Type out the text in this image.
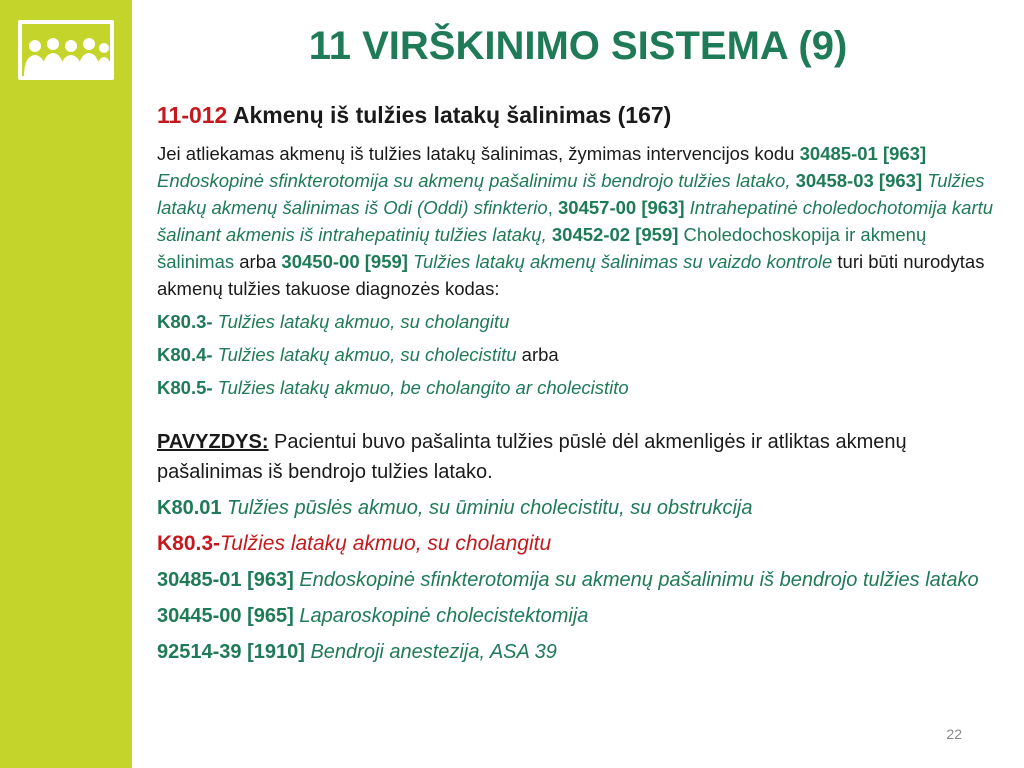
11 VIRŠKINIMO SISTEMA (9)
11-012 Akmenų iš tulžies latakų šalinimas (167)

Jei atliekamas akmenų iš tulžies latakų šalinimas, žymimas intervencijos kodu 30485-01 [963] Endoskopinė sfinkterotomija su akmenų pašalinimu iš bendrojo tulžies latako, 30458-03 [963] Tulžies latakų akmenų šalinimas iš Odi (Oddi) sfinkterio, 30457-00 [963] Intrahepatinė choledochotomija kartu šalinant akmenis iš intrahepatinių tulžies latakų, 30452-02 [959] Choledochoskopija ir akmenų šalinimas arba 30450-00 [959] Tulžies latakų akmenų šalinimas su vaizdo kontrole turi būti nurodytas akmenų tulžies takuose diagnozės kodas:

K80.3- Tulžies latakų akmuo, su cholangitu

K80.4- Tulžies latakų akmuo, su cholecistitu arba

K80.5- Tulžies latakų akmuo, be cholangito ar cholecistito

PAVYZDYS: Pacientui buvo pašalinta tulžies pūslė dėl akmenligės ir atliktas akmenų pašalinimas iš bendrojo tulžies latako.

K80.01 Tulžies pūslės akmuo, su ūminiu cholecistitu, su obstrukcija

K80.3-Tulžies latakų akmuo, su cholangitu

30485-01 [963] Endoskopinė sfinkterotomija su akmenų pašalinimu iš bendrojo tulžies latako

30445-00 [965] Laparoskopinė cholecistektomija

92514-39 [1910] Bendroji anestezija, ASA 39

22
